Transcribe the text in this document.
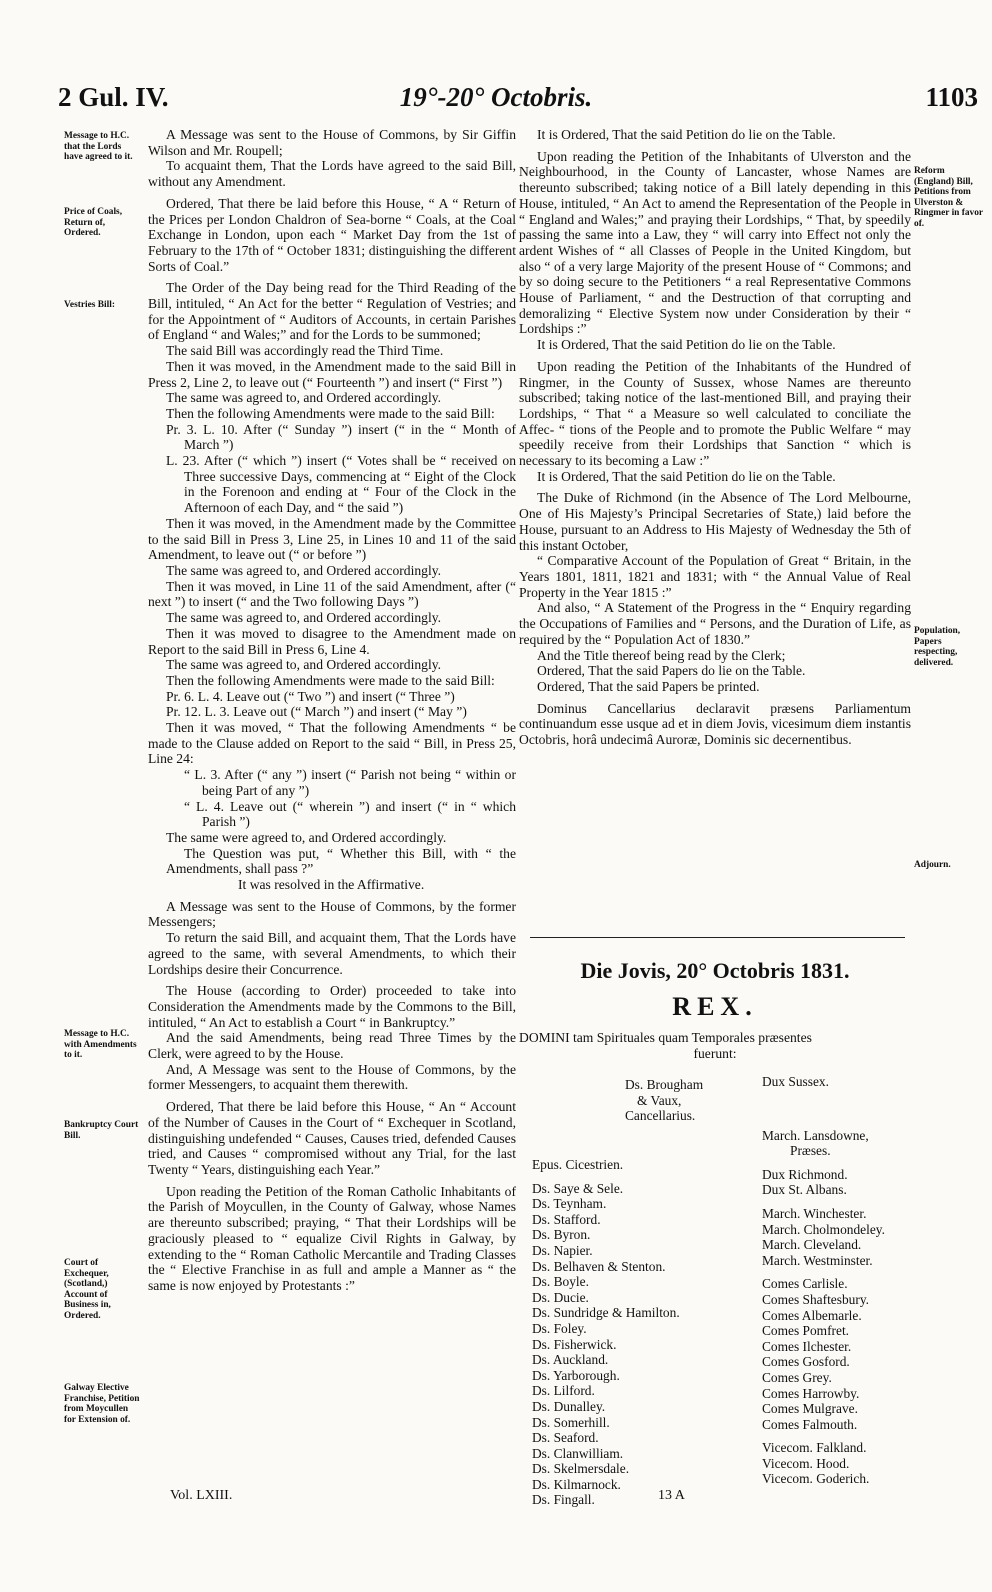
2 Gul. IV.	19°-20° Octobris.	1103
Message to H.C. that the Lords have agreed to it.
Price of Coals, Return of, Ordered.
Vestries Bill:
Message to H.C. with Amendments to it.
Bankruptcy Court Bill.
Court of Exchequer, (Scotland,) Account of Business in, Ordered.
Galway Elective Franchise, Petition from Moycullen for Extension of.
Reform (England) Bill, Petitions from Ulverston & Ringmer in favor of.
Population, Papers respecting, delivered.
Adjourn.

A Message was sent to the House of Commons, by Sir Giffin Wilson and Mr. Roupell;

To acquaint them, That the Lords have agreed to the said Bill, without any Amendment.

Ordered, That there be laid before this House, “ A “ Return of the Prices per London Chaldron of Sea-borne “ Coals, at the Coal Exchange in London, upon each “ Market Day from the 1st of February to the 17th of “ October 1831; distinguishing the different Sorts of Coal.”

The Order of the Day being read for the Third Reading of the Bill, intituled, “ An Act for the better “ Regulation of Vestries; and for the Appointment of “ Auditors of Accounts, in certain Parishes of England “ and Wales;” and for the Lords to be summoned;

The said Bill was accordingly read the Third Time.

Then it was moved, in the Amendment made to the said Bill in Press 2, Line 2, to leave out (“ Fourteenth ”) and insert (“ First ”)

The same was agreed to, and Ordered accordingly.

Then the following Amendments were made to the said Bill:

Pr. 3. L. 10. After (“ Sunday ”) insert (“ in the “ Month of March ”)

L. 23. After (“ which ”) insert (“ Votes shall be “ received on Three successive Days, commencing at “ Eight of the Clock in the Forenoon and ending at “ Four of the Clock in the Afternoon of each Day, and “ the said ”)

Then it was moved, in the Amendment made by the Committee to the said Bill in Press 3, Line 25, in Lines 10 and 11 of the said Amendment, to leave out (“ or before ”)

The same was agreed to, and Ordered accordingly.

Then it was moved, in Line 11 of the said Amendment, after (“ next ”) to insert (“ and the Two following Days ”)

The same was agreed to, and Ordered accordingly.

Then it was moved to disagree to the Amendment made on Report to the said Bill in Press 6, Line 4.

The same was agreed to, and Ordered accordingly.

Then the following Amendments were made to the said Bill:

Pr. 6. L. 4. Leave out (“ Two ”) and insert (“ Three ”)

Pr. 12. L. 3. Leave out (“ March ”) and insert (“ May ”)

Then it was moved, “ That the following Amendments “ be made to the Clause added on Report to the said “ Bill, in Press 25, Line 24:

“ L. 3. After (“ any ”) insert (“ Parish not being “ within or being Part of any ”)

“ L. 4. Leave out (“ wherein ”) and insert (“ in “ which Parish ”)

The same were agreed to, and Ordered accordingly.

The Question was put, “ Whether this Bill, with “ the Amendments, shall pass ?”

It was resolved in the Affirmative.

A Message was sent to the House of Commons, by the former Messengers;

To return the said Bill, and acquaint them, That the Lords have agreed to the same, with several Amendments, to which their Lordships desire their Concurrence.

The House (according to Order) proceeded to take into Consideration the Amendments made by the Commons to the Bill, intituled, “ An Act to establish a Court “ in Bankruptcy.”

And the said Amendments, being read Three Times by the Clerk, were agreed to by the House.

And, A Message was sent to the House of Commons, by the former Messengers, to acquaint them therewith.

Ordered, That there be laid before this House, “ An “ Account of the Number of Causes in the Court of “ Exchequer in Scotland, distinguishing undefended “ Causes, Causes tried, defended Causes tried, and Causes “ compromised without any Trial, for the last Twenty “ Years, distinguishing each Year.”

Upon reading the Petition of the Roman Catholic Inhabitants of the Parish of Moycullen, in the County of Galway, whose Names are thereunto subscribed; praying, “ That their Lordships will be graciously pleased to “ equalize Civil Rights in Galway, by extending to the “ Roman Catholic Mercantile and Trading Classes the “ Elective Franchise in as full and ample a Manner as “ the same is now enjoyed by Protestants :”

It is Ordered, That the said Petition do lie on the Table.

Upon reading the Petition of the Inhabitants of Ulverston and the Neighbourhood, in the County of Lancaster, whose Names are thereunto subscribed; taking notice of a Bill lately depending in this House, intituled, “ An Act to amend the Representation of the People in “ England and Wales;” and praying their Lordships, “ That, by speedily passing the same into a Law, they “ will carry into Effect not only the ardent Wishes of “ all Classes of People in the United Kingdom, but also “ of a very large Majority of the present House of “ Commons; and by so doing secure to the Petitioners “ a real Representative Commons House of Parliament, “ and the Destruction of that corrupting and demoralizing “ Elective System now under Consideration by their “ Lordships :”

It is Ordered, That the said Petition do lie on the Table.

Upon reading the Petition of the Inhabitants of the Hundred of Ringmer, in the County of Sussex, whose Names are thereunto subscribed; taking notice of the last-mentioned Bill, and praying their Lordships, “ That “ a Measure so well calculated to conciliate the Affec- “ tions of the People and to promote the Public Welfare “ may speedily receive from their Lordships that Sanction “ which is necessary to its becoming a Law :”

It is Ordered, That the said Petition do lie on the Table.

The Duke of Richmond (in the Absence of The Lord Melbourne, One of His Majesty’s Principal Secretaries of State,) laid before the House, pursuant to an Address to His Majesty of Wednesday the 5th of this instant October,

“ Comparative Account of the Population of Great “ Britain, in the Years 1801, 1811, 1821 and 1831; with “ the Annual Value of Real Property in the Year 1815 :”

And also, “ A Statement of the Progress in the “ Enquiry regarding the Occupations of Families and “ Persons, and the Duration of Life, as required by the “ Population Act of 1830.”

And the Title thereof being read by the Clerk;

Ordered, That the said Papers do lie on the Table.

Ordered, That the said Papers be printed.

Dominus Cancellarius declaravit præsens Parliamentum continuandum esse usque ad et in diem Jovis, vicesimum diem instantis Octobris, horâ undecimâ Auroræ, Dominis sic decernentibus.

Die Jovis, 20° Octobris 1831.
REX.
DOMINI tam Spirituales quam Temporales præsentes
fuerunt:
Ds. Brougham
& Vaux,
Cancellarius.
Epus. Cicestrien.
Ds. Saye & Sele.
Ds. Teynham.
Ds. Stafford.
Ds. Byron.
Ds. Napier.
Ds. Belhaven & Stenton.
Ds. Boyle.
Ds. Ducie.
Ds. Sundridge & Hamilton.
Ds. Foley.
Ds. Fisherwick.
Ds. Auckland.
Ds. Yarborough.
Ds. Lilford.
Ds. Dunalley.
Ds. Somerhill.
Ds. Seaford.
Ds. Clanwilliam.
Ds. Skelmersdale.
Ds. Kilmarnock.
Ds. Fingall.
Dux Sussex.
March. Lansdowne,
Præses.
Dux Richmond.
Dux St. Albans.
March. Winchester.
March. Cholmondeley.
March. Cleveland.
March. Westminster.
Comes Carlisle.
Comes Shaftesbury.
Comes Albemarle.
Comes Pomfret.
Comes Ilchester.
Comes Gosford.
Comes Grey.
Comes Harrowby.
Comes Mulgrave.
Comes Falmouth.
Vicecom. Falkland.
Vicecom. Hood.
Vicecom. Goderich.
Vol. LXIII.	13 A
